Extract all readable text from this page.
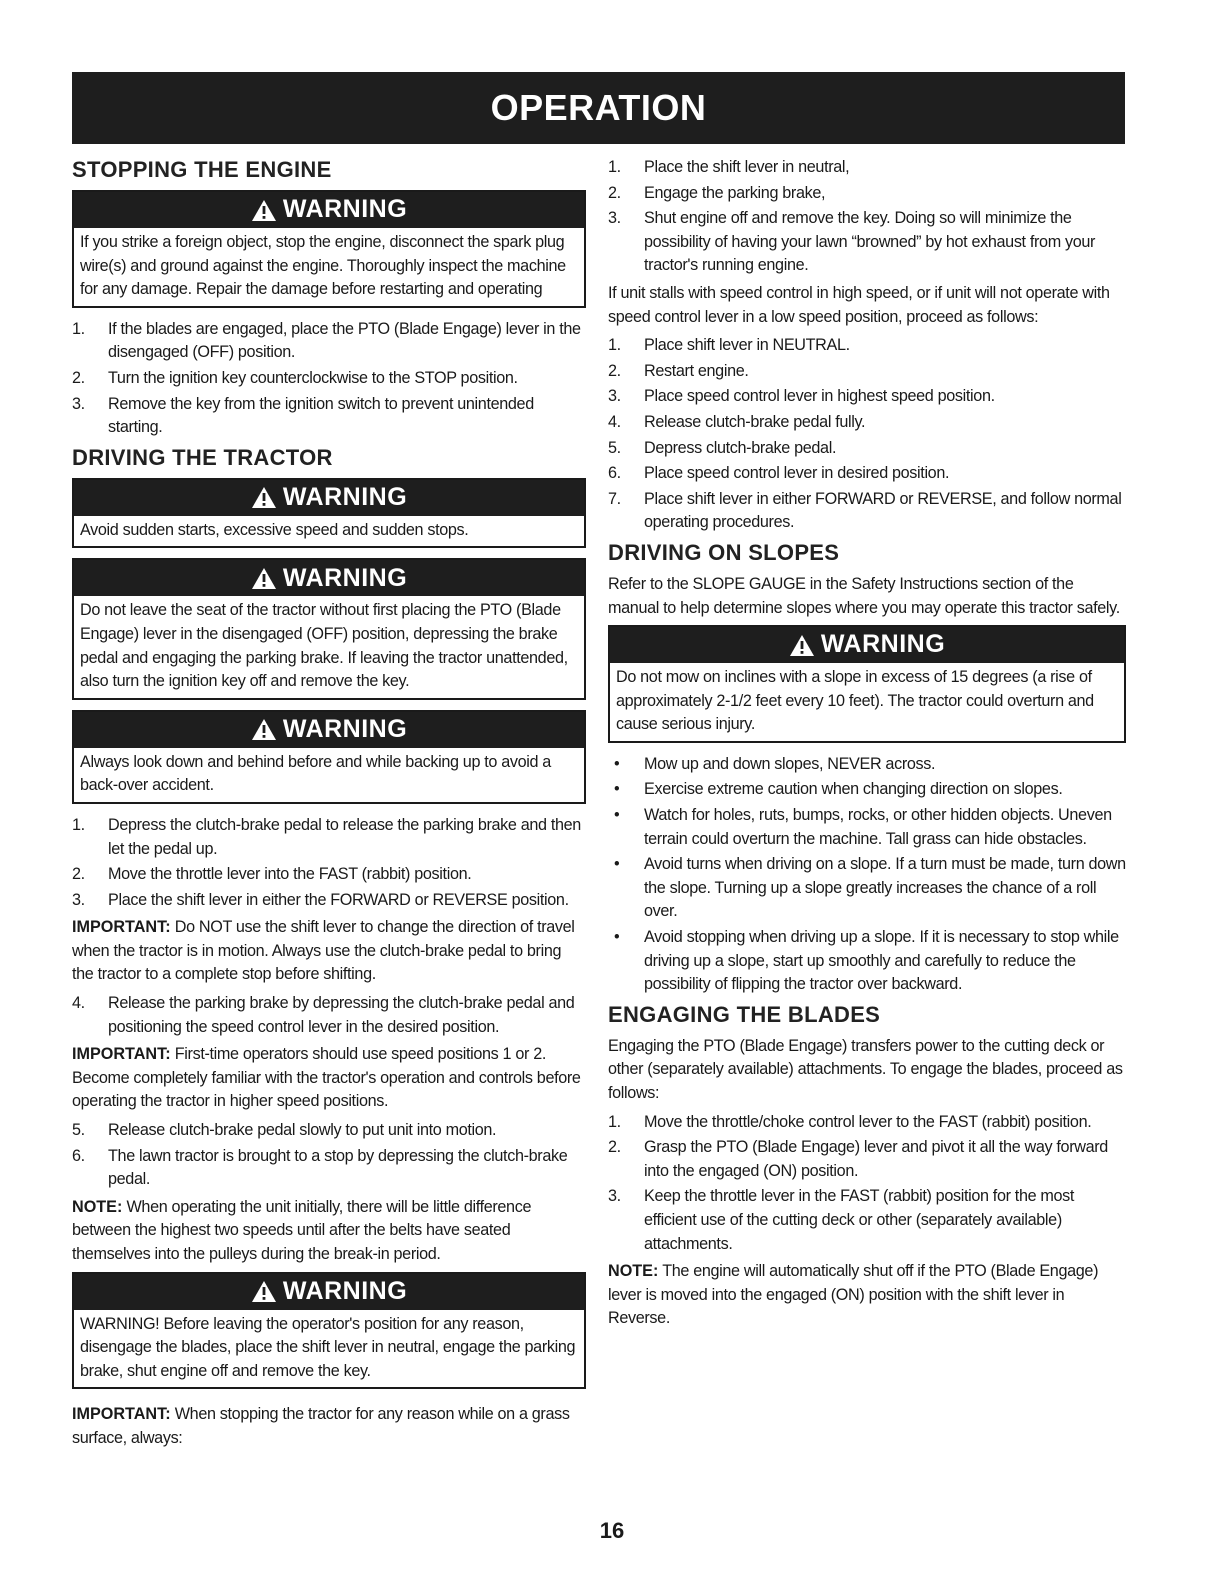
OPERATION
STOPPING THE ENGINE
WARNING
If you strike a foreign object, stop the engine, disconnect the spark plug wire(s) and ground against the engine. Thoroughly inspect the machine for any damage. Repair the damage before restarting and operating
1. If the blades are engaged, place the PTO (Blade Engage) lever in the disengaged (OFF) position.
2. Turn the ignition key counterclockwise to the STOP position.
3. Remove the key from the ignition switch to prevent unintended starting.
DRIVING THE TRACTOR
WARNING
Avoid sudden starts, excessive speed and sudden stops.
WARNING
Do not leave the seat of the tractor without first placing the PTO (Blade Engage) lever in the disengaged (OFF) position, depressing the brake pedal and engaging the parking brake. If leaving the tractor unattended, also turn the ignition key off and remove the key.
WARNING
Always look down and behind before and while backing up to avoid a back-over accident.
1. Depress the clutch-brake pedal to release the parking brake and then let the pedal up.
2. Move the throttle lever into the FAST (rabbit) position.
3. Place the shift lever in either the FORWARD or REVERSE position.

IMPORTANT: Do NOT use the shift lever to change the direction of travel when the tractor is in motion. Always use the clutch-brake pedal to bring the tractor to a complete stop before shifting.

4. Release the parking brake by depressing the clutch-brake pedal and positioning the speed control lever in the desired position.

IMPORTANT: First-time operators should use speed positions 1 or 2. Become completely familiar with the tractor's operation and controls before operating the tractor in higher speed positions.

5. Release clutch-brake pedal slowly to put unit into motion.
6. The lawn tractor is brought to a stop by depressing the clutch-brake pedal.

NOTE: When operating the unit initially, there will be little difference between the highest two speeds until after the belts have seated themselves into the pulleys during the break-in period.

WARNING
WARNING! Before leaving the operator's position for any reason, disengage the blades, place the shift lever in neutral, engage the parking brake, shut engine off and remove the key.

IMPORTANT: When stopping the tractor for any reason while on a grass surface, always:

1. Place the shift lever in neutral,
2. Engage the parking brake,
3. Shut engine off and remove the key. Doing so will minimize the possibility of having your lawn “browned” by hot exhaust from your tractor's running engine.

If unit stalls with speed control in high speed, or if unit will not operate with speed control lever in a low speed position, proceed as follows:

1. Place shift lever in NEUTRAL.
2. Restart engine.
3. Place speed control lever in highest speed position.
4. Release clutch-brake pedal fully.
5. Depress clutch-brake pedal.
6. Place speed control lever in desired position.
7. Place shift lever in either FORWARD or REVERSE, and follow normal operating procedures.
DRIVING ON SLOPES

Refer to the SLOPE GAUGE in the Safety Instructions section of the manual to help determine slopes where you may operate this tractor safely.

WARNING
Do not mow on inclines with a slope in excess of 15 degrees (a rise of approximately 2-1/2 feet every 10 feet). The tractor could overturn and cause serious injury.
• Mow up and down slopes, NEVER across.
• Exercise extreme caution when changing direction on slopes.
• Watch for holes, ruts, bumps, rocks, or other hidden objects. Uneven terrain could overturn the machine. Tall grass can hide obstacles.
• Avoid turns when driving on a slope. If a turn must be made, turn down the slope. Turning up a slope greatly increases the chance of a roll over.
• Avoid stopping when driving up a slope. If it is necessary to stop while driving up a slope, start up smoothly and carefully to reduce the possibility of flipping the tractor over backward.
ENGAGING THE BLADES

Engaging the PTO (Blade Engage) transfers power to the cutting deck or other (separately available) attachments. To engage the blades, proceed as follows:

1. Move the throttle/choke control lever to the FAST (rabbit) position.
2. Grasp the PTO (Blade Engage) lever and pivot it all the way forward into the engaged (ON) position.
3. Keep the throttle lever in the FAST (rabbit) position for the most efficient use of the cutting deck or other (separately available) attachments.

NOTE: The engine will automatically shut off if the PTO (Blade Engage) lever is moved into the engaged (ON) position with the shift lever in Reverse.

16
